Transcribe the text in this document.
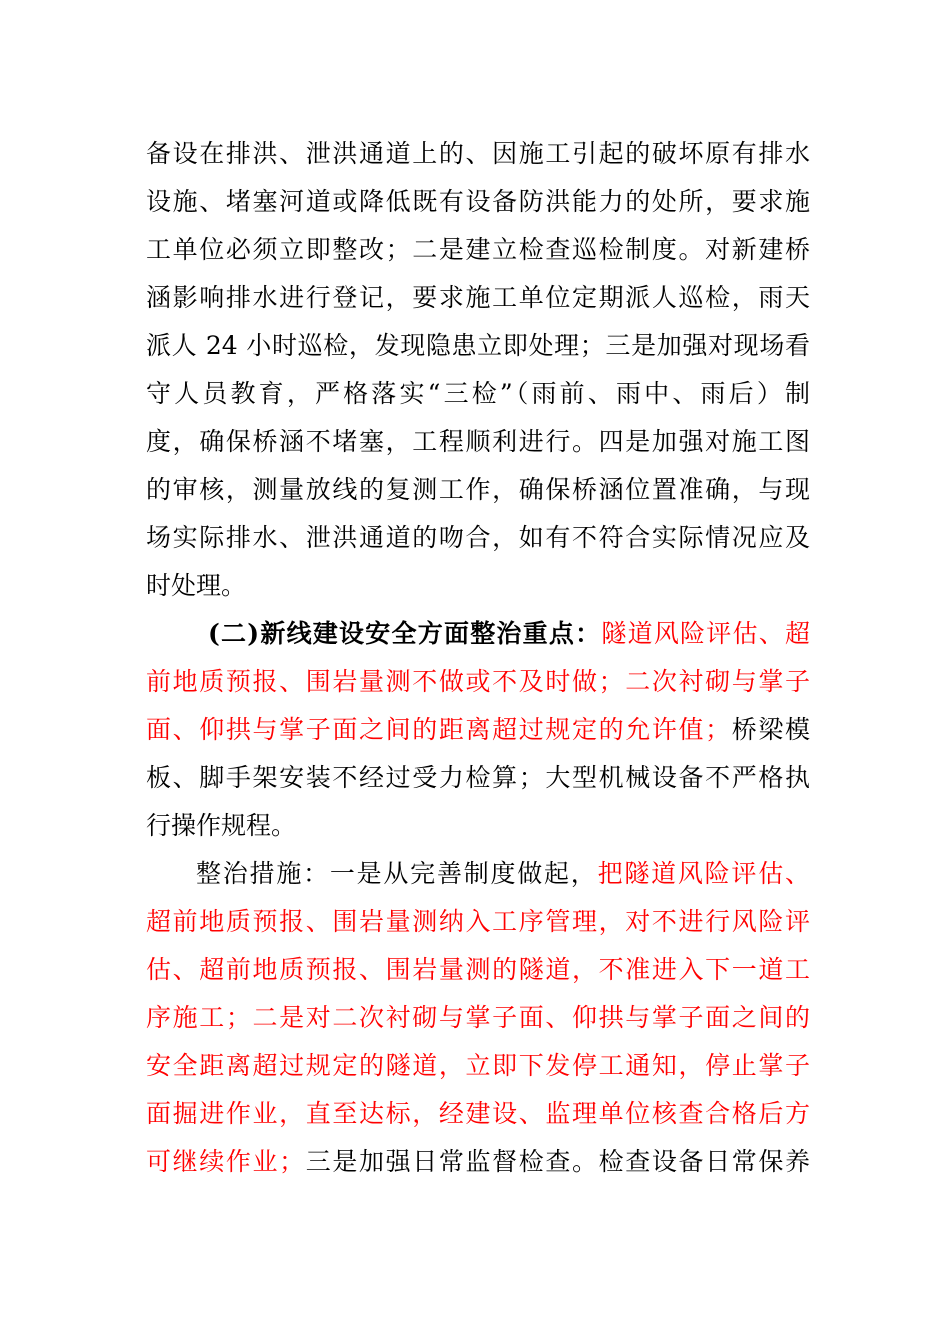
备设在排洪、泄洪通道上的、因施工引起的破坏原有排水
设施、堵塞河道或降低既有设备防洪能力的处所，要求施
工单位必须立即整改；二是建立检查巡检制度。对新建桥
涵影响排水进行登记，要求施工单位定期派人巡检，雨天
派人 24 小时巡检，发现隐患立即处理；三是加强对现场看
守人员教育，严格落实“三检”（雨前、雨中、雨后）制
度，确保桥涵不堵塞，工程顺利进行。四是加强对施工图
的审核，测量放线的复测工作，确保桥涵位置准确，与现
场实际排水、泄洪通道的吻合，如有不符合实际情况应及
时处理。
(二)新线建设安全方面整治重点：隧道风险评估、超
前地质预报、围岩量测不做或不及时做；二次衬砌与掌子
面、仰拱与掌子面之间的距离超过规定的允许值；桥梁模
板、脚手架安装不经过受力检算；大型机械设备不严格执
行操作规程。
整治措施：一是从完善制度做起，把隧道风险评估、
超前地质预报、围岩量测纳入工序管理，对不进行风险评
估、超前地质预报、围岩量测的隧道，不准进入下一道工
序施工；二是对二次衬砌与掌子面、仰拱与掌子面之间的
安全距离超过规定的隧道，立即下发停工通知，停止掌子
面掘进作业，直至达标，经建设、监理单位核查合格后方
可继续作业；三是加强日常监督检查。检查设备日常保养
